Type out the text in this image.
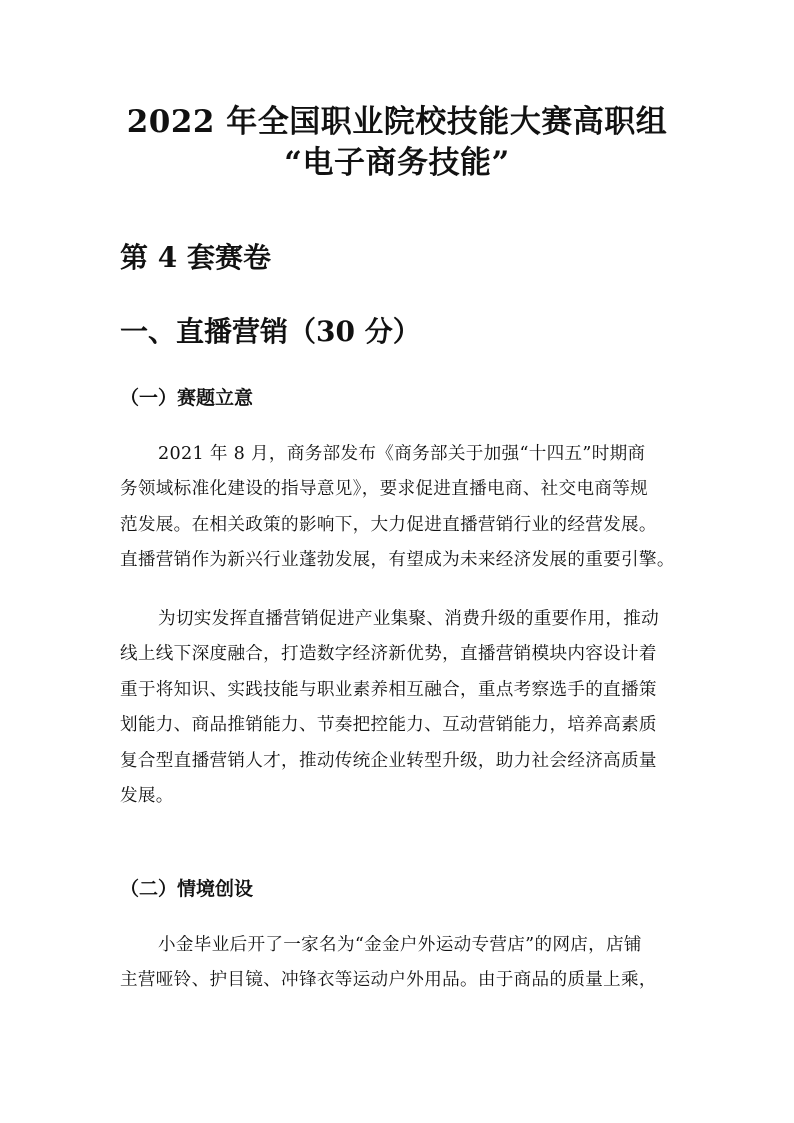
2022 年全国职业院校技能大赛高职组
“电子商务技能”
第 4 套赛卷
一、直播营销（30 分）
（一）赛题立意
2021 年 8 月，商务部发布《商务部关于加强“十四五”时期商
务领域标准化建设的指导意见》，要求促进直播电商、社交电商等规
范发展。在相关政策的影响下，大力促进直播营销行业的经营发展。
直播营销作为新兴行业蓬勃发展，有望成为未来经济发展的重要引擎。
为切实发挥直播营销促进产业集聚、消费升级的重要作用，推动
线上线下深度融合，打造数字经济新优势，直播营销模块内容设计着
重于将知识、实践技能与职业素养相互融合，重点考察选手的直播策
划能力、商品推销能力、节奏把控能力、互动营销能力，培养高素质
复合型直播营销人才，推动传统企业转型升级，助力社会经济高质量
发展。
（二）情境创设
小金毕业后开了一家名为“金金户外运动专营店”的网店，店铺
主营哑铃、护目镜、冲锋衣等运动户外用品。由于商品的质量上乘，
